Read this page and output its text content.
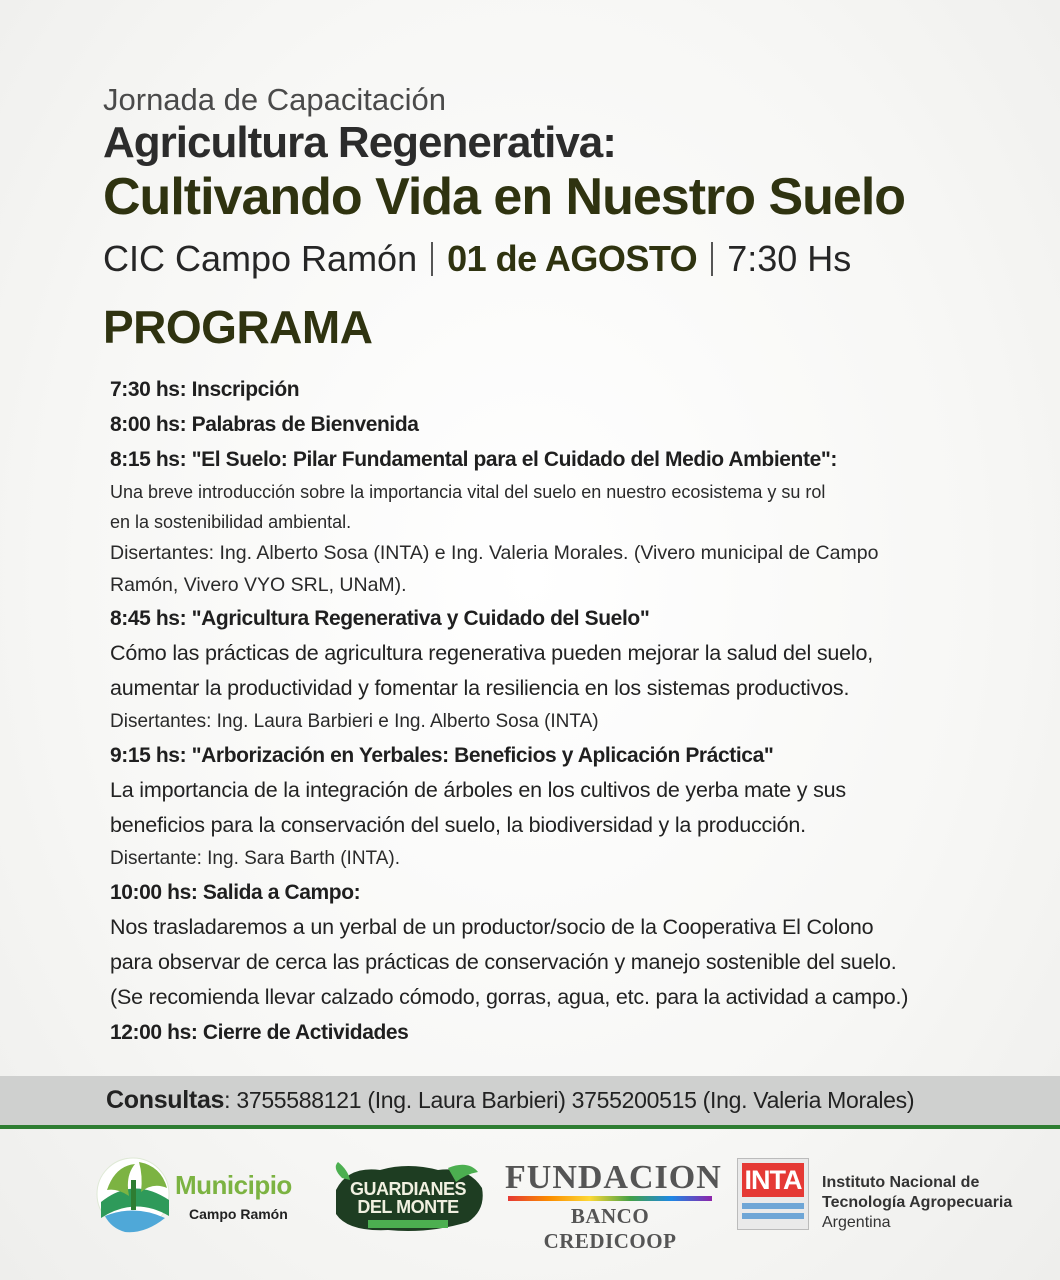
Jornada de Capacitación

Agricultura Regenerativa:

Cultivando Vida en Nuestro Suelo

CIC Campo Ramón 01 de AGOSTO 7:30 Hs
PROGRAMA
7:30 hs: Inscripción
8:00 hs: Palabras de Bienvenida
8:15 hs: "El Suelo: Pilar Fundamental para el Cuidado del Medio Ambiente":
Una breve introducción sobre la importancia vital del suelo en nuestro ecosistema y su rol
en la sostenibilidad ambiental.
Disertantes: Ing. Alberto Sosa (INTA) e Ing. Valeria Morales. (Vivero municipal de Campo
Ramón, Vivero VYO SRL, UNaM).
8:45 hs: "Agricultura Regenerativa y Cuidado del Suelo"
Cómo las prácticas de agricultura regenerativa pueden mejorar la salud del suelo,
aumentar la productividad y fomentar la resiliencia en los sistemas productivos.
Disertantes: Ing. Laura Barbieri e Ing. Alberto Sosa (INTA)
9:15 hs: "Arborización en Yerbales: Beneficios y Aplicación Práctica"
La importancia de la integración de árboles en los cultivos de yerba mate y sus
beneficios para la conservación del suelo, la biodiversidad y la producción.
Disertante: Ing. Sara Barth (INTA).
10:00 hs: Salida a Campo:
Nos trasladaremos a un yerbal de un productor/socio de la Cooperativa El Colono
para observar de cerca las prácticas de conservación y manejo sostenible del suelo.
(Se recomienda llevar calzado cómodo, gorras, agua, etc. para la actividad a campo.)
12:00 hs: Cierre de Actividades
Consultas: 3755588121 (Ing. Laura Barbieri) 3755200515 (Ing. Valeria Morales)
Municipio
Campo Ramón
GUARDIANES
DEL MONTE
FUNDACION
BANCO CREDICOOP
INTA Instituto Nacional de
Tecnología Agropecuaria
Argentina
